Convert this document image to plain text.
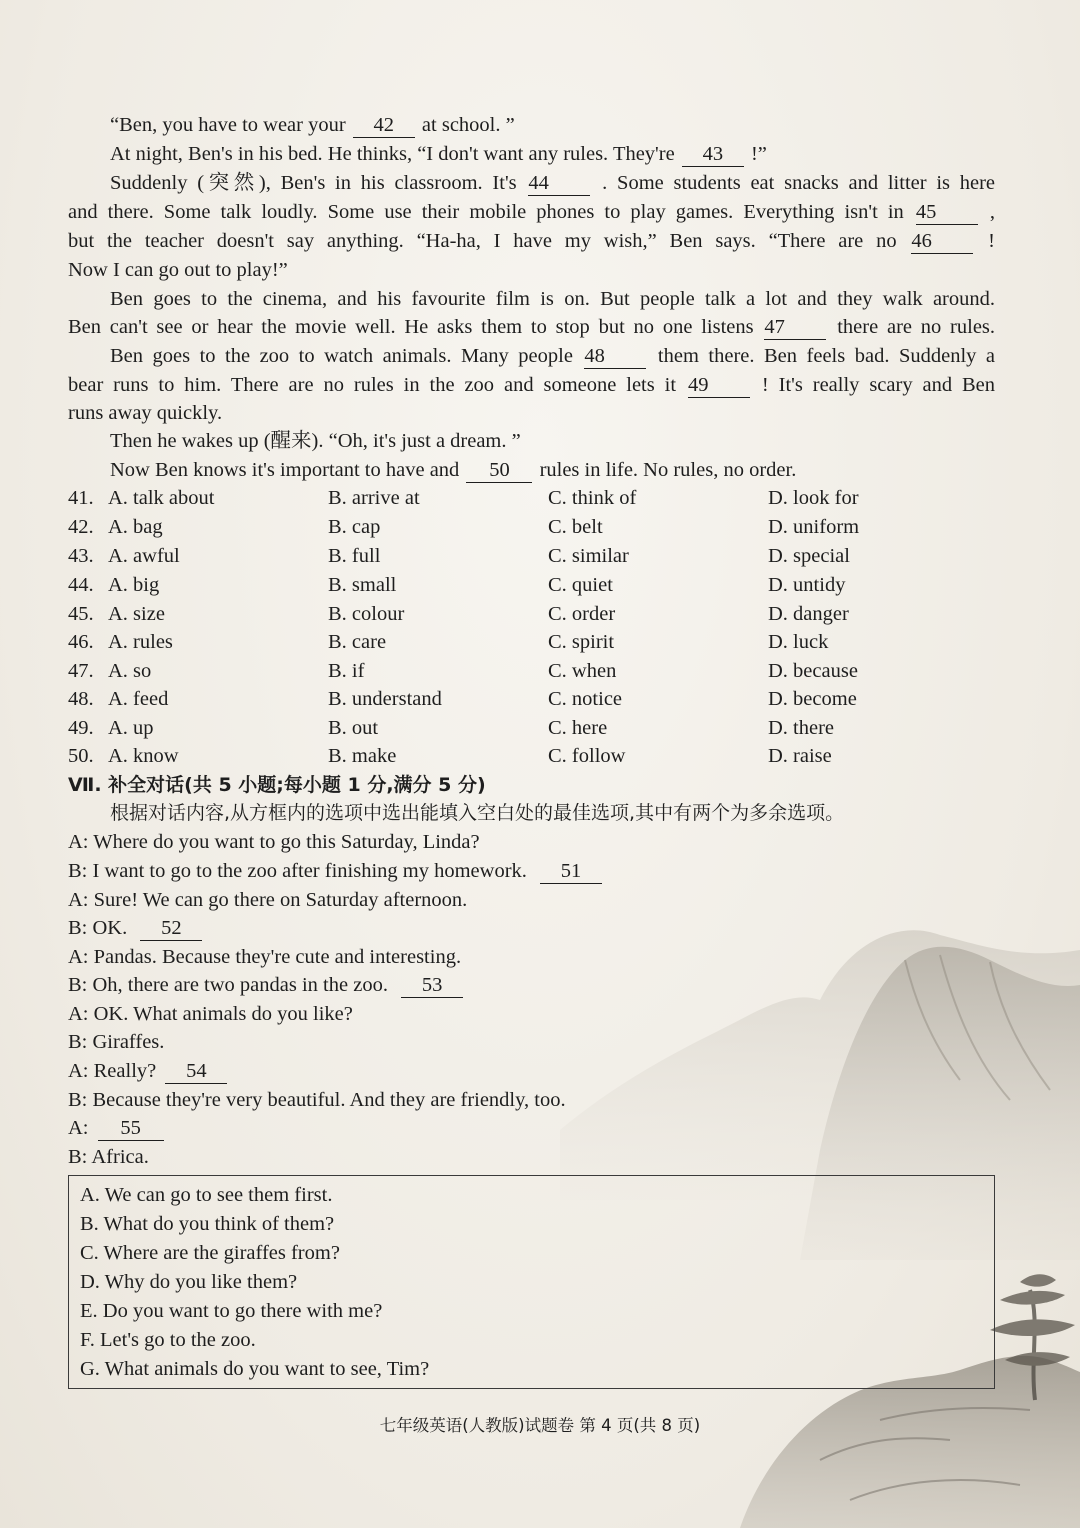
“Ben, you have to wear your 42 at school. ”
At night, Ben's in his bed. He thinks, “I don't want any rules. They're 43 !”
Suddenly (突然), Ben's in his classroom. It's 44	. Some students eat snacks and litter is here
and there. Some talk loudly. Some use their mobile phones to play games. Everything isn't in 45	,
but the teacher doesn't say anything. “Ha-ha, I have my wish,” Ben says. “There are no 46	!
Now I can go out to play!”
Ben goes to the cinema, and his favourite film is on. But people talk a lot and they walk around.
Ben can't see or hear the movie well. He asks them to stop but no one listens 47	there are no rules.
Ben goes to the zoo to watch animals. Many people 48	them there. Ben feels bad. Suddenly a
bear runs to him. There are no rules in the zoo and someone lets it 49	! It's really scary and Ben
runs away quickly.
Then he wakes up (醒来). “Oh, it's just a dream. ”
Now Ben knows it's important to have and 50 rules in life. No rules, no order.
41. A. talk about	B. arrive at	C. think of	D. look for
42. A. bag	B. cap	C. belt	D. uniform
43. A. awful	B. full	C. similar	D. special
44. A. big	B. small	C. quiet	D. untidy
45. A. size	B. colour	C. order	D. danger
46. A. rules	B. care	C. spirit	D. luck
47. A. so	B. if	C. when	D. because
48. A. feed	B. understand	C. notice	D. become
49. A. up	B. out	C. here	D. there
50. A. know	B. make	C. follow	D. raise
Ⅶ. 补全对话(共 5 小题;每小题 1 分,满分 5 分)
根据对话内容,从方框内的选项中选出能填入空白处的最佳选项,其中有两个为多余选项。
A: Where do you want to go this Saturday, Linda?
B: I want to go to the zoo after finishing my homework. 51
A: Sure! We can go there on Saturday afternoon.
B: OK. 52
A: Pandas. Because they're cute and interesting.
B: Oh, there are two pandas in the zoo. 53
A: OK. What animals do you like?
B: Giraffes.
A: Really? 54
B: Because they're very beautiful. And they are friendly, too.
A: 55
B: Africa.
A. We can go to see them first.
B. What do you think of them?
C. Where are the giraffes from?
D. Why do you like them?
E. Do you want to go there with me?
F. Let's go to the zoo.
G. What animals do you want to see, Tim?
七年级英语(人教版)试题卷 第 4 页(共 8 页)
